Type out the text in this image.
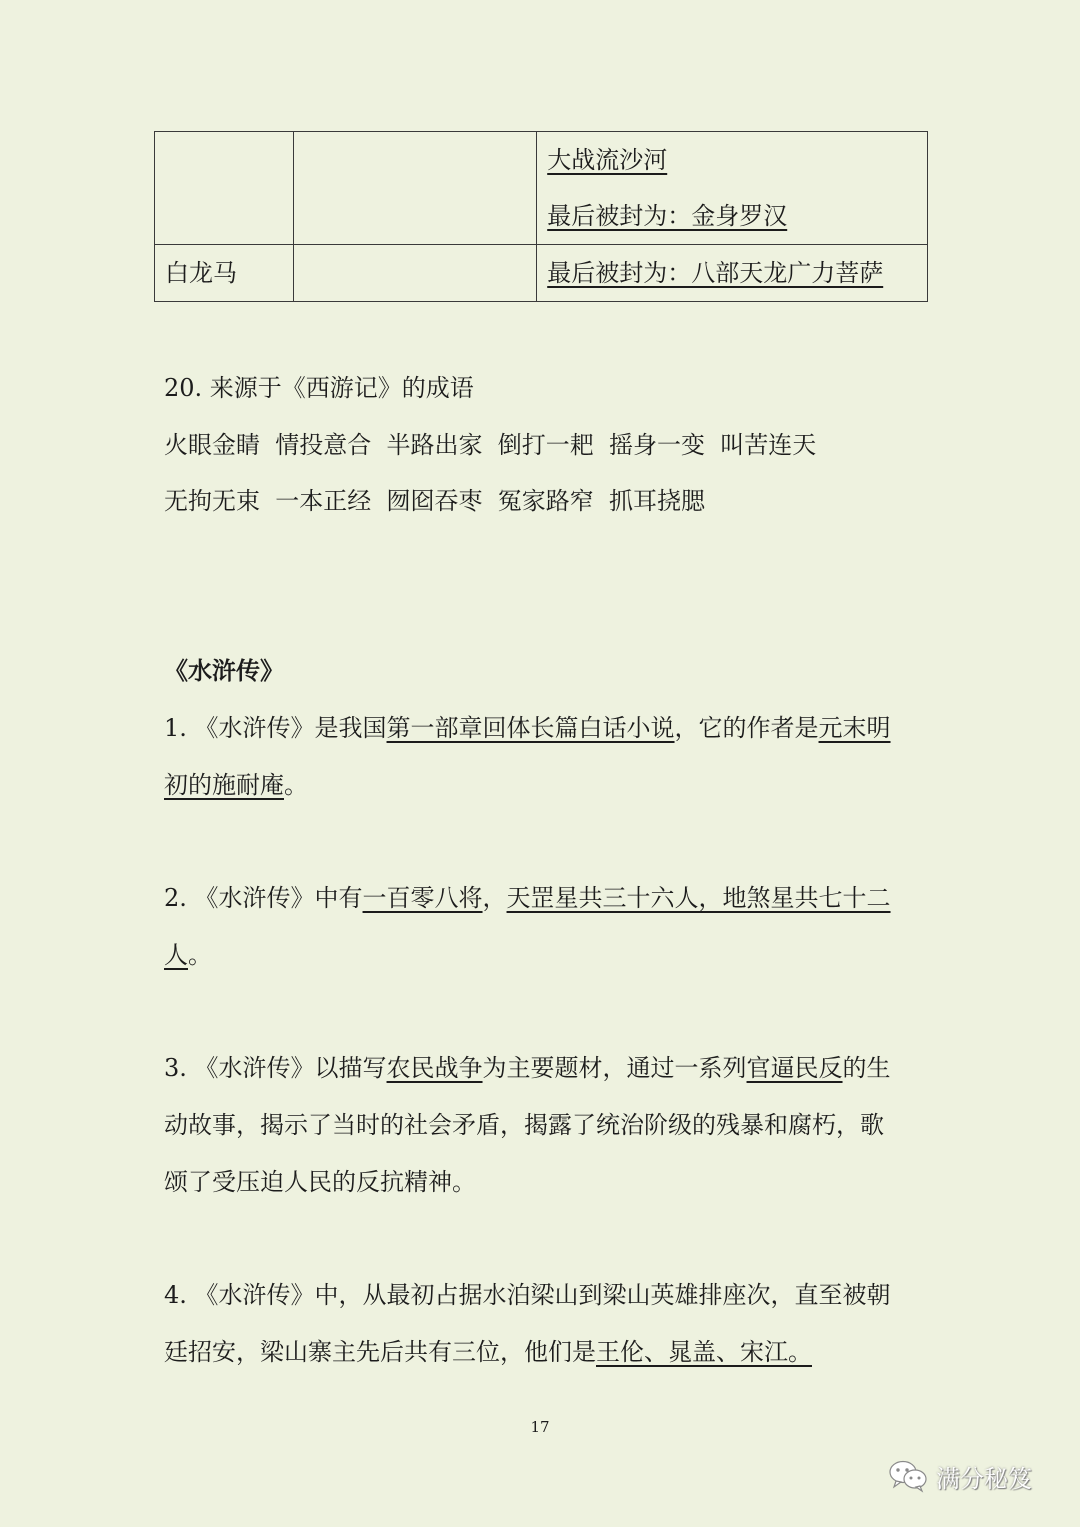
		大战流沙河
最后被封为：金身罗汉

白龙马		最后被封为：八部天龙广力菩萨
20. 来源于《西游记》的成语
火眼金睛  情投意合  半路出家  倒打一耙  摇身一变  叫苦连天
无拘无束  一本正经  囫囵吞枣  冤家路窄  抓耳挠腮
《水浒传》
1. 《水浒传》是我国第一部章回体长篇白话小说，它的作者是元末明
初的施耐庵。
2. 《水浒传》中有一百零八将，天罡星共三十六人，地煞星共七十二
人。
3. 《水浒传》以描写农民战争为主要题材，通过一系列官逼民反的生
动故事，揭示了当时的社会矛盾，揭露了统治阶级的残暴和腐朽，歌
颂了受压迫人民的反抗精神。
4. 《水浒传》中，从最初占据水泊梁山到梁山英雄排座次，直至被朝
廷招安，梁山寨主先后共有三位，他们是王伦、晁盖、宋江。
17
满分秘笈
